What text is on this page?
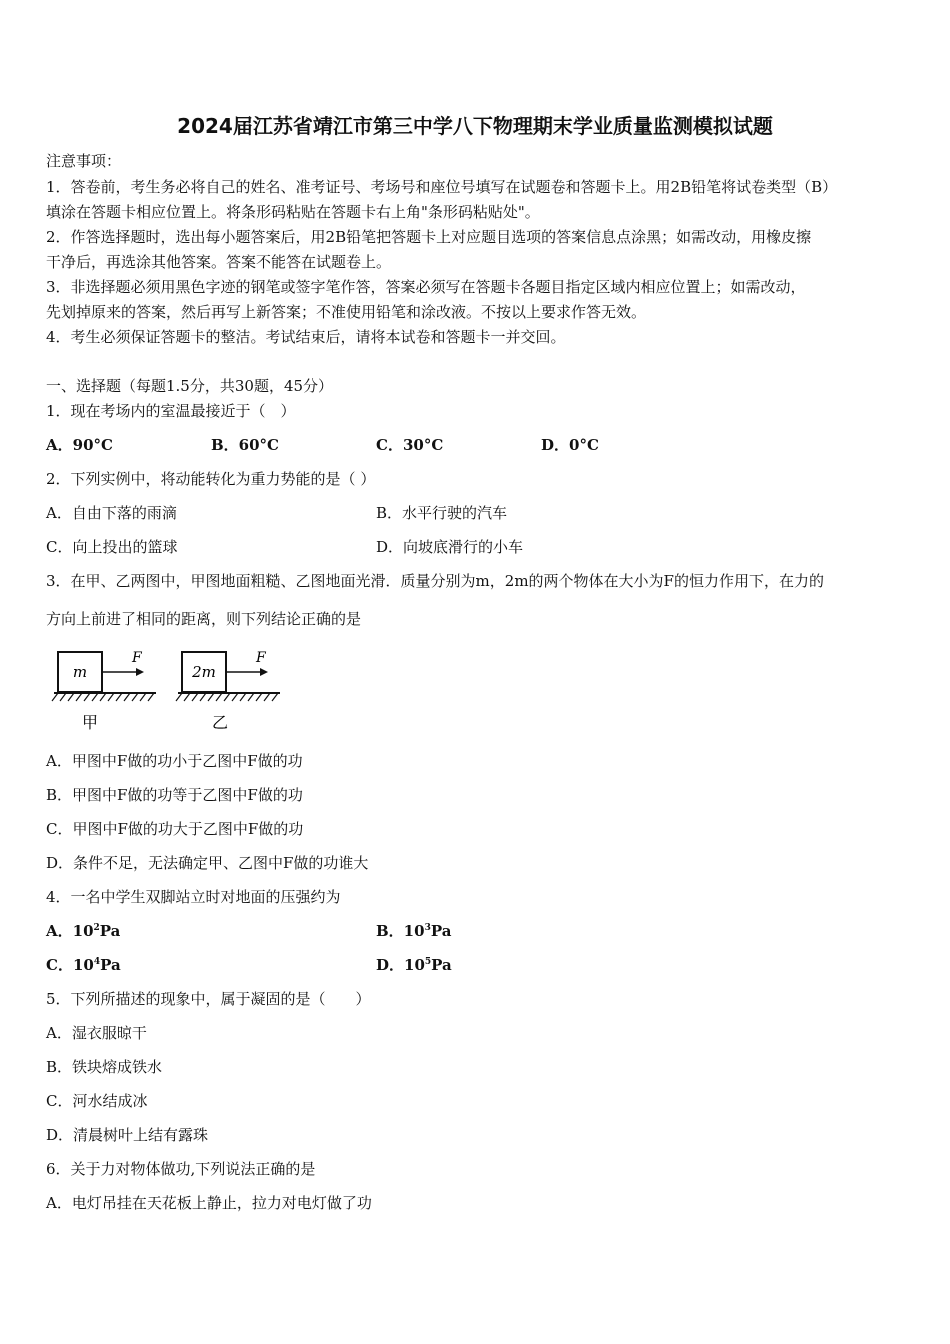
2024届江苏省靖江市第三中学八下物理期末学业质量监测模拟试题
注意事项：
1．答卷前，考生务必将自己的姓名、准考证号、考场号和座位号填写在试题卷和答题卡上。用2B铅笔将试卷类型（B）
填涂在答题卡相应位置上。将条形码粘贴在答题卡右上角"条形码粘贴处"。
2．作答选择题时，选出每小题答案后，用2B铅笔把答题卡上对应题目选项的答案信息点涂黑；如需改动，用橡皮擦
干净后，再选涂其他答案。答案不能答在试题卷上。
3．非选择题必须用黑色字迹的钢笔或签字笔作答，答案必须写在答题卡各题目指定区域内相应位置上；如需改动，
先划掉原来的答案，然后再写上新答案；不准使用铅笔和涂改液。不按以上要求作答无效。
4．考生必须保证答题卡的整洁。考试结束后，请将本试卷和答题卡一并交回。
一、选择题（每题1.5分，共30题，45分）
1．现在考场内的室温最接近于（　）
A．90°C	B．60°C	C．30°C	D．0°C
2．下列实例中，将动能转化为重力势能的是（ ）
A．自由下落的雨滴	B．水平行驶的汽车
C．向上投出的篮球	D．向坡底滑行的小车
3．在甲、乙两图中，甲图地面粗糙、乙图地面光滑．质量分别为m，2m的两个物体在大小为F的恒力作用下，在力的
方向上前进了相同的距离，则下列结论正确的是
m
F
甲
2m
F
乙
A．甲图中F做的功小于乙图中F做的功
B．甲图中F做的功等于乙图中F做的功
C．甲图中F做的功大于乙图中F做的功
D．条件不足，无法确定甲、乙图中F做的功谁大
4．一名中学生双脚站立时对地面的压强约为
A．$10^2Pa$	B．$10^3Pa$
C．$10^4Pa$	D．$10^5Pa$
5．下列所描述的现象中，属于凝固的是（　　）
A．湿衣服晾干
B．铁块熔成铁水
C．河水结成冰
D．清晨树叶上结有露珠
6．关于力对物体做功,下列说法正确的是
A．电灯吊挂在天花板上静止，拉力对电灯做了功
